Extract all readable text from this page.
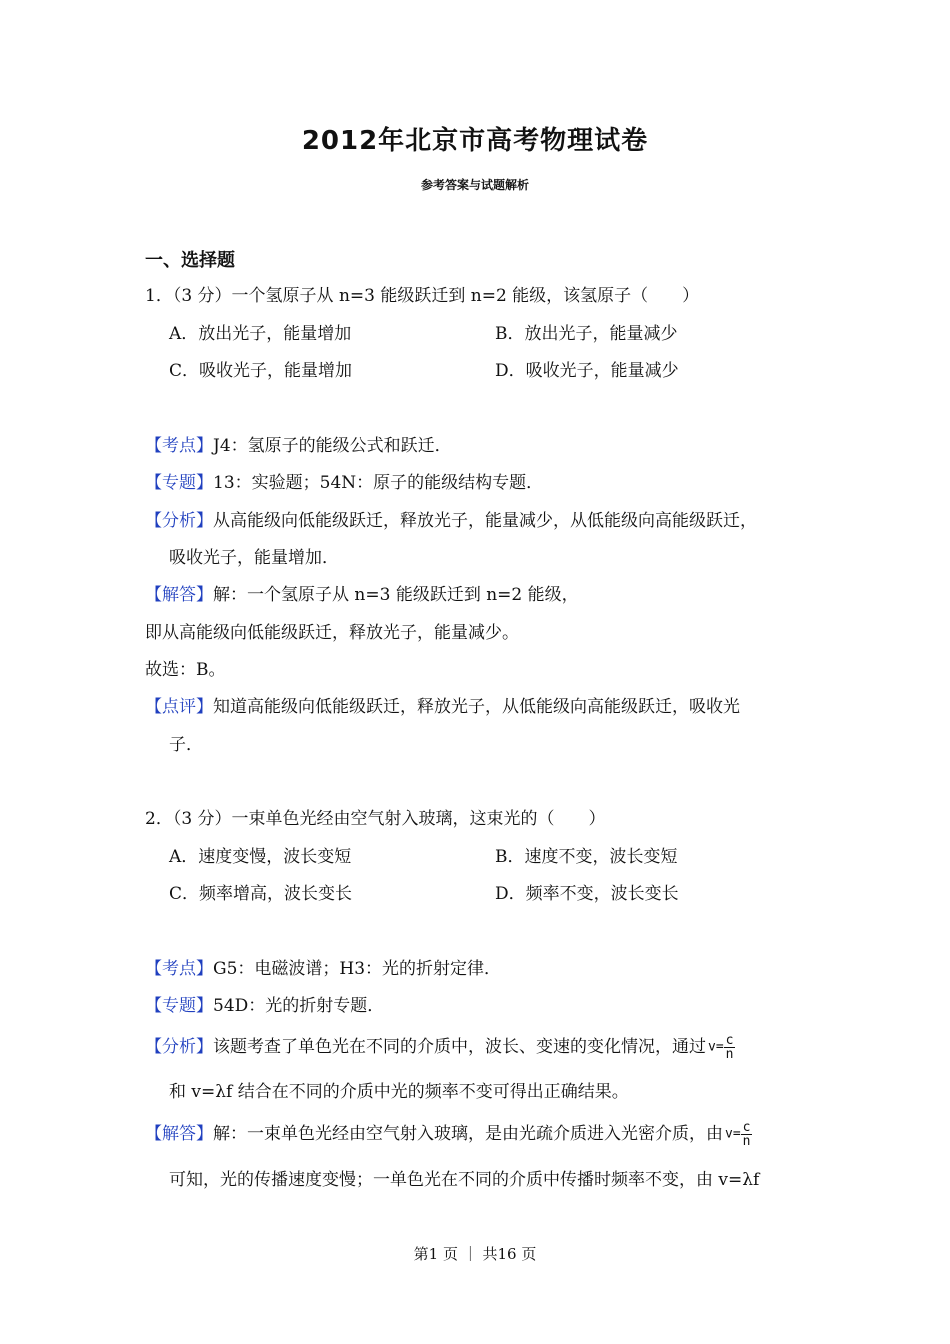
2012年北京市高考物理试卷
参考答案与试题解析
一、选择题
1．（3 分）一个氢原子从 n=3 能级跃迁到 n=2 能级，该氢原子（　　）
A．放出光子，能量增加	B．放出光子，能量减少
C．吸收光子，能量增加	D．吸收光子，能量减少
【考点】J4：氢原子的能级公式和跃迁．
【专题】13：实验题；54N：原子的能级结构专题．
【分析】从高能级向低能级跃迁，释放光子，能量减少，从低能级向高能级跃迁，
吸收光子，能量增加．
【解答】解：一个氢原子从 n=3 能级跃迁到 n=2 能级，
即从高能级向低能级跃迁，释放光子，能量减少。
故选：B。
【点评】知道高能级向低能级跃迁，释放光子，从低能级向高能级跃迁，吸收光
子．
2．（3 分）一束单色光经由空气射入玻璃，这束光的（　　）
A．速度变慢，波长变短	B．速度不变，波长变短
C．频率增高，波长变长	D．频率不变，波长变长
【考点】G5：电磁波谱；H3：光的折射定律．
【专题】54D：光的折射专题．
【分析】该题考查了单色光在不同的介质中，波长、变速的变化情况，通过 $v= \frac{c}{n}$
和 v=λf 结合在不同的介质中光的频率不变可得出正确结果。
【解答】解：一束单色光经由空气射入玻璃，是由光疏介质进入光密介质，由 $v= \frac{c}{n}$
可知，光的传播速度变慢；一单色光在不同的介质中传播时频率不变，由 v=λf
第1 页 ｜ 共16 页
